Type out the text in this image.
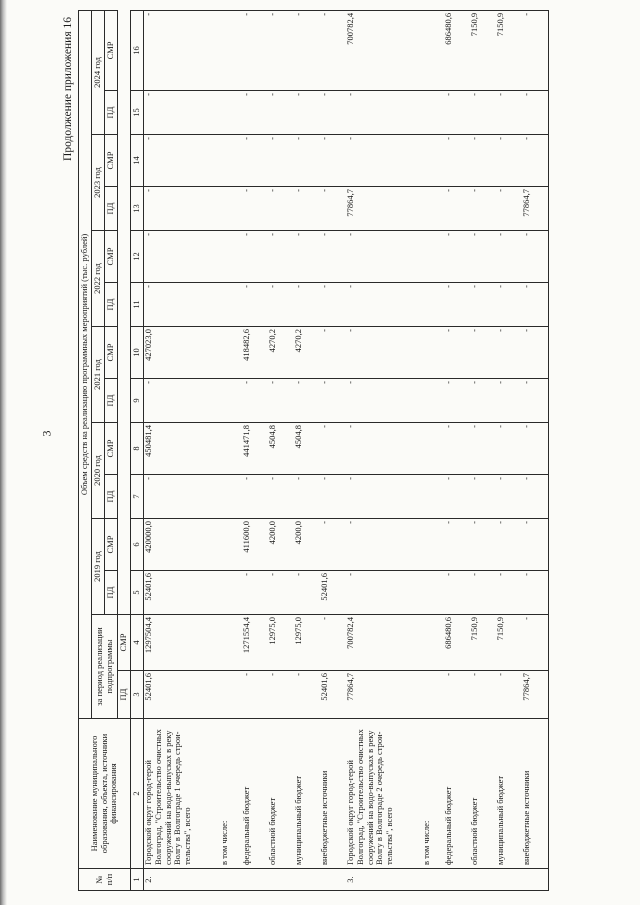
3
Продолжение приложения 16
№ п/п	Наименование муниципального образования, объекта, источники финансирования	Объем средств на реализацию программных мероприятий (тыс. рублей)													
		за период реализации подпрограммы		2019 год		2020 год		2021 год		2022 год		2023 год		2024 год	
				ПД	СМР	ПД	СМР	ПД	СМР	ПД	СМР	ПД	СМР	ПД	СМР
		ПД	СМР											
1	2	3	4	5	6	7	8	9	10	11	12	13	14	15	16
2.	Городской округ город-герой Волгоград, "Строительство очистных сооружений на водо-выпусках в реку Волгу в Волгограде 1 очередь строи-тельства", всего	52401,6	1297504,4	52401,6	420000,0	-	450481,4	-	427023,0	-	-	-	-	-	-
	в том числе:														
	федеральный бюджет	-	1271554,4	-	411600,0	-	441471,8	-	418482,6	-	-	-	-	-	-
	областной бюджет	-	12975,0	-	4200,0	-	4504,8	-	4270,2	-	-	-	-	-	-
	муниципальный бюджет	-	12975,0	-	4200,0	-	4504,8	-	4270,2	-	-	-	-	-	-
	внебюджетные источники	52401,6	-	52401,6	-	-	-	-	-	-	-	-	-	-	-
3.	Городской округ город-герой Волгоград, "Строительство очистных сооружений на водо-выпусках в реку Волгу в Волгограде 2 очередь строи-тельства", всего	77864,7	700782,4	-	-	-	-	-	-	-	-	77864,7	-	-	700782,4
	в том числе:														
	федеральный бюджет	-	686480,6	-	-	-	-	-	-	-	-	-	-	-	686480,6
	областной бюджет	-	7150,9	-	-	-	-	-	-	-	-	-	-	-	7150,9
	муниципальный бюджет	-	7150,9	-	-	-	-	-	-	-	-	-	-	-	7150,9
	внебюджетные источники	77864,7	-	-	-	-	-	-	-	-	-	77864,7	-	-	-
